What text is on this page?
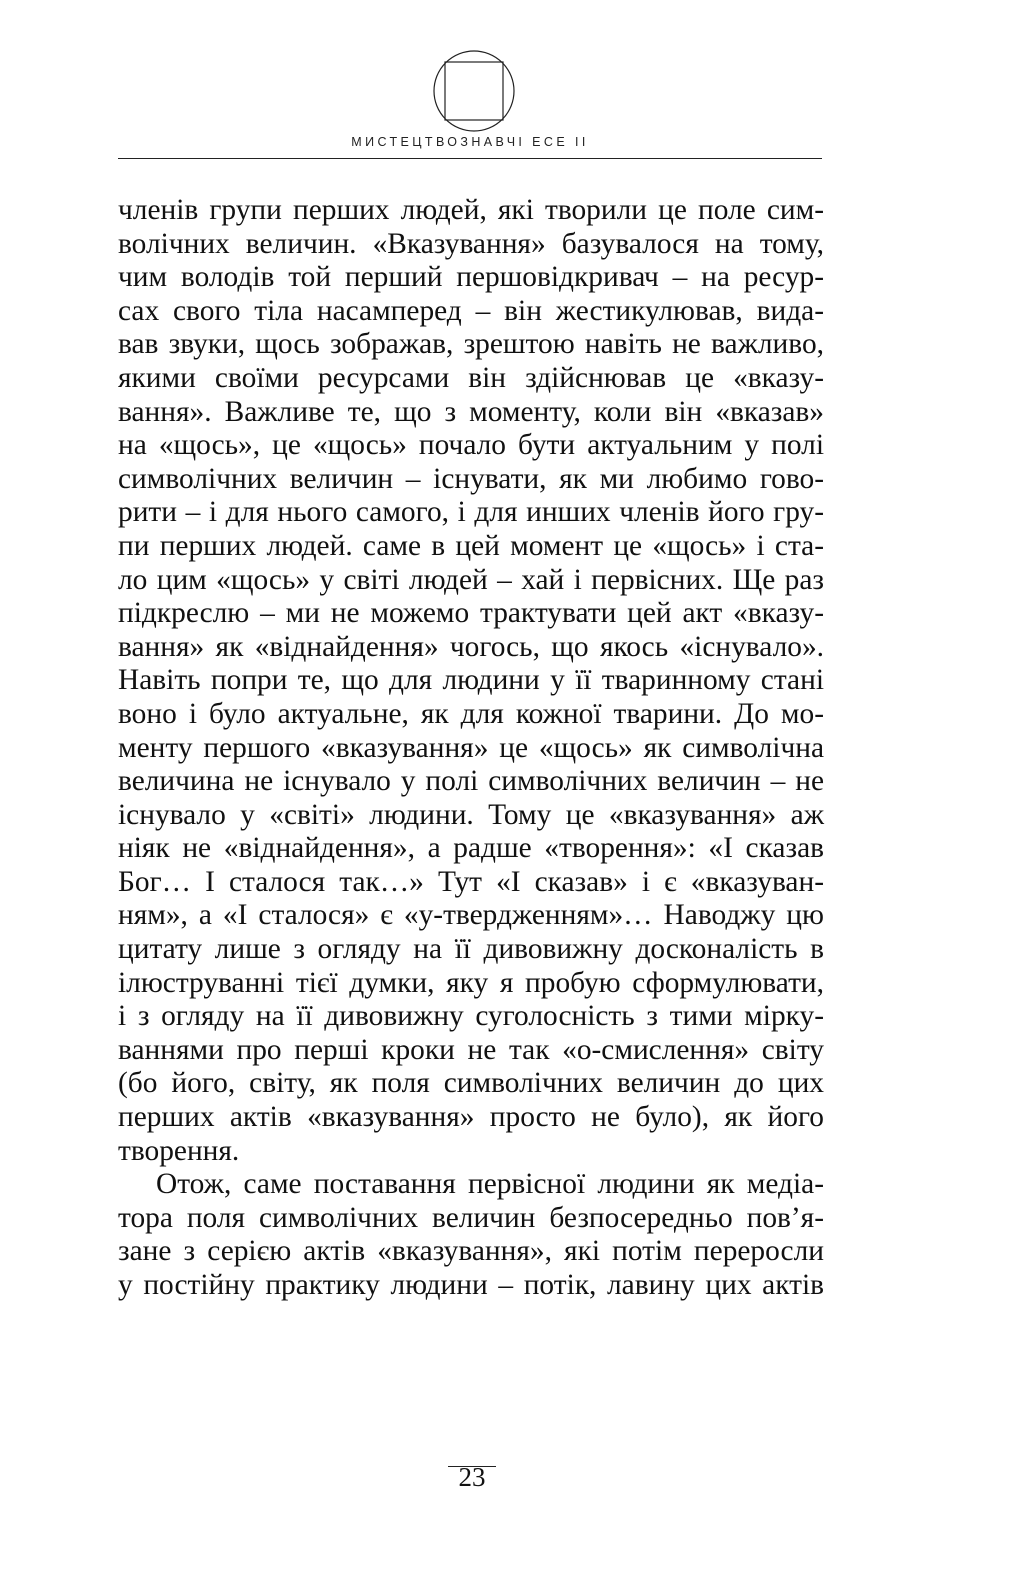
МИСТЕЦТВОЗНАВЧІ ЕСЕ II
членів групи перших людей, які творили це поле сим-
волічних величин. «Вказування» базувалося на тому,
чим володів той перший першовідкривач – на ресур-
сах свого тіла насамперед – він жестикулював, вида-
вав звуки, щось зображав, зрештою навіть не важливо,
якими своїми ресурсами він здійснював це «вказу-
вання». Важливе те, що з моменту, коли він «вказав»
на «щось», це «щось» почало бути актуальним у полі
символічних величин – існувати, як ми любимо гово-
рити – і для нього самого, і для инших членів його гру-
пи перших людей. саме в цей момент це «щось» і ста-
ло цим «щось» у світі людей – хай і первісних. Ще раз
підкреслю – ми не можемо трактувати цей акт «вказу-
вання» як «віднайдення» чогось, що якось «існувало».
Навіть попри те, що для людини у її тваринному стані
воно і було актуальне, як для кожної тварини. До мо-
менту першого «вказування» це «щось» як символічна
величина не існувало у полі символічних величин – не
існувало у «світі» людини. Тому це «вказування» аж
ніяк не «віднайдення», а радше «творення»: «І сказав
Бог… І сталося так…» Тут «І сказав» і є «вказуван-
ням», а «І сталося» є «у-твердженням»… Наводжу цю
цитату лише з огляду на її дивовижну досконалість в
ілюструванні тієї думки, яку я пробую сформулювати,
і з огляду на її дивовижну суголосність з тими мірку-
ваннями про перші кроки не так «о-смислення» світу
(бо його, світу, як поля символічних величин до цих
перших актів «вказування» просто не було), як його
творення.
Отож, саме поставання первісної людини як медіа-
тора поля символічних величин безпосередньо пов’я-
зане з серією актів «вказування», які потім переросли
у постійну практику людини – потік, лавину цих актів
23
